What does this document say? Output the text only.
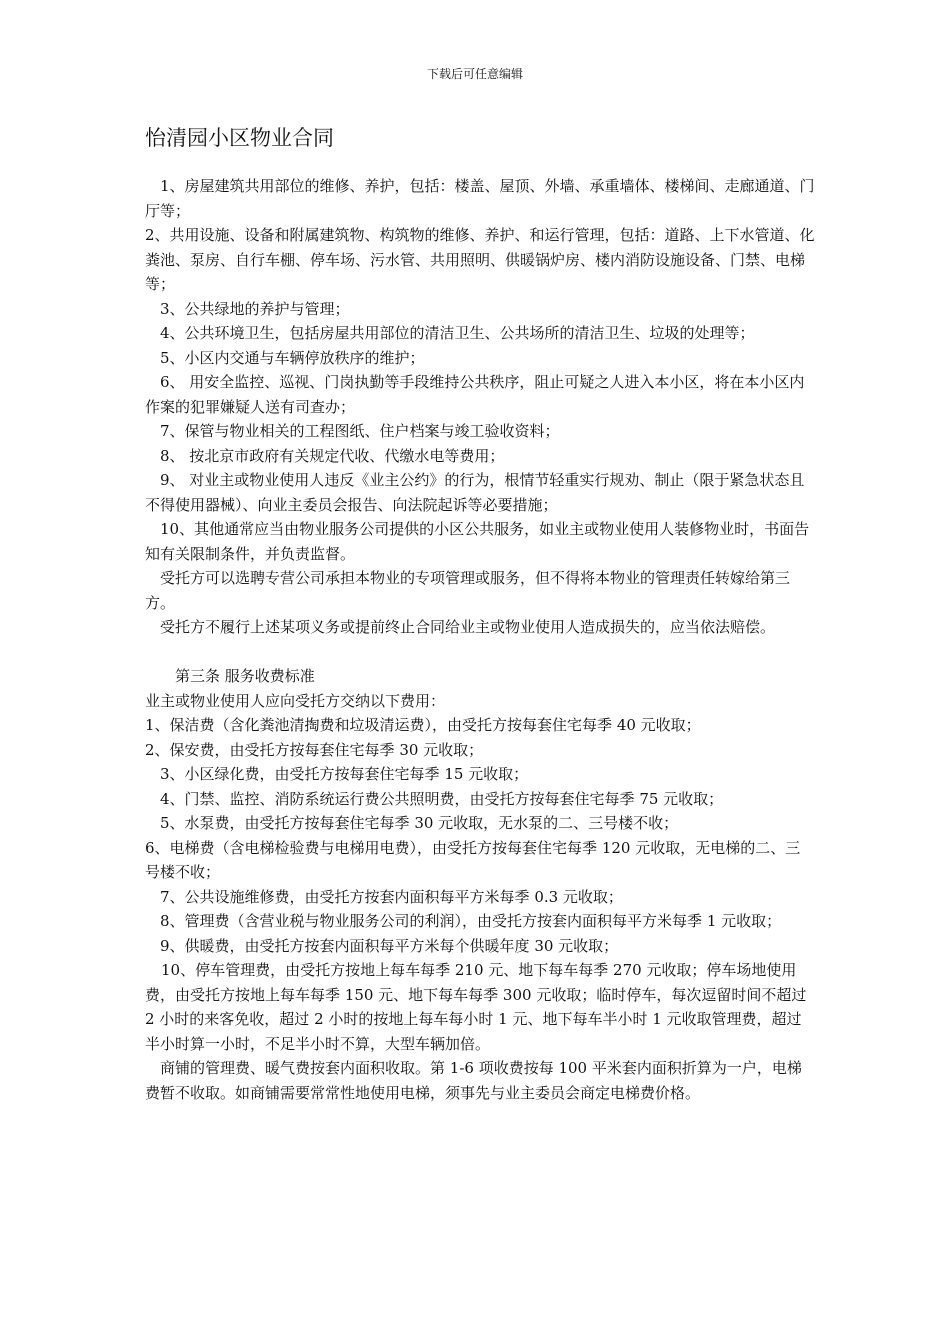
下载后可任意编辑
怡清园小区物业合同

1、房屋建筑共用部位的维修、养护，包括：楼盖、屋顶、外墙、承重墙体、楼梯间、走廊通道、门厅等；

2、共用设施、设备和附属建筑物、构筑物的维修、养护、和运行管理，包括：道路、上下水管道、化粪池、泵房、自行车棚、停车场、污水管、共用照明、供暖锅炉房、楼内消防设施设备、门禁、电梯等；

3、公共绿地的养护与管理；

4、公共环境卫生，包括房屋共用部位的清洁卫生、公共场所的清洁卫生、垃圾的处理等；

5、小区内交通与车辆停放秩序的维护；

6、 用安全监控、巡视、门岗执勤等手段维持公共秩序，阻止可疑之人进入本小区，将在本小区内作案的犯罪嫌疑人送有司查办；

7、保管与物业相关的工程图纸、住户档案与竣工验收资料；

8、 按北京市政府有关规定代收、代缴水电等费用；

9、 对业主或物业使用人违反《业主公约》的行为，根情节轻重实行规劝、制止（限于紧急状态且不得使用器械）、向业主委员会报告、向法院起诉等必要措施；

10、其他通常应当由物业服务公司提供的小区公共服务，如业主或物业使用人装修物业时，书面告知有关限制条件，并负责监督。

受托方可以选聘专营公司承担本物业的专项管理或服务，但不得将本物业的管理责任转嫁给第三方。

受托方不履行上述某项义务或提前终止合同给业主或物业使用人造成损失的，应当依法赔偿。

第三条 服务收费标准

业主或物业使用人应向受托方交纳以下费用：

1、保洁费（含化粪池清掏费和垃圾清运费），由受托方按每套住宅每季 40 元收取；

2、保安费，由受托方按每套住宅每季 30 元收取；

3、小区绿化费，由受托方按每套住宅每季 15 元收取；

4、门禁、监控、消防系统运行费公共照明费，由受托方按每套住宅每季 75 元收取；

5、水泵费，由受托方按每套住宅每季 30 元收取，无水泵的二、三号楼不收；

6、电梯费（含电梯检验费与电梯用电费），由受托方按每套住宅每季 120 元收取，无电梯的二、三号楼不收；

7、公共设施维修费，由受托方按套内面积每平方米每季 0.3 元收取；

8、管理费（含营业税与物业服务公司的利润），由受托方按套内面积每平方米每季 1 元收取；

9、供暖费，由受托方按套内面积每平方米每个供暖年度 30 元收取；

10、停车管理费，由受托方按地上每车每季 210 元、地下每车每季 270 元收取；停车场地使用费，由受托方按地上每车每季 150 元、地下每车每季 300 元收取；临时停车，每次逗留时间不超过 2 小时的来客免收，超过 2 小时的按地上每车每小时 1 元、地下每车半小时 1 元收取管理费，超过半小时算一小时，不足半小时不算，大型车辆加倍。

商铺的管理费、暖气费按套内面积收取。第 1-6 项收费按每 100 平米套内面积折算为一户，电梯费暂不收取。如商铺需要常常性地使用电梯，须事先与业主委员会商定电梯费价格。
